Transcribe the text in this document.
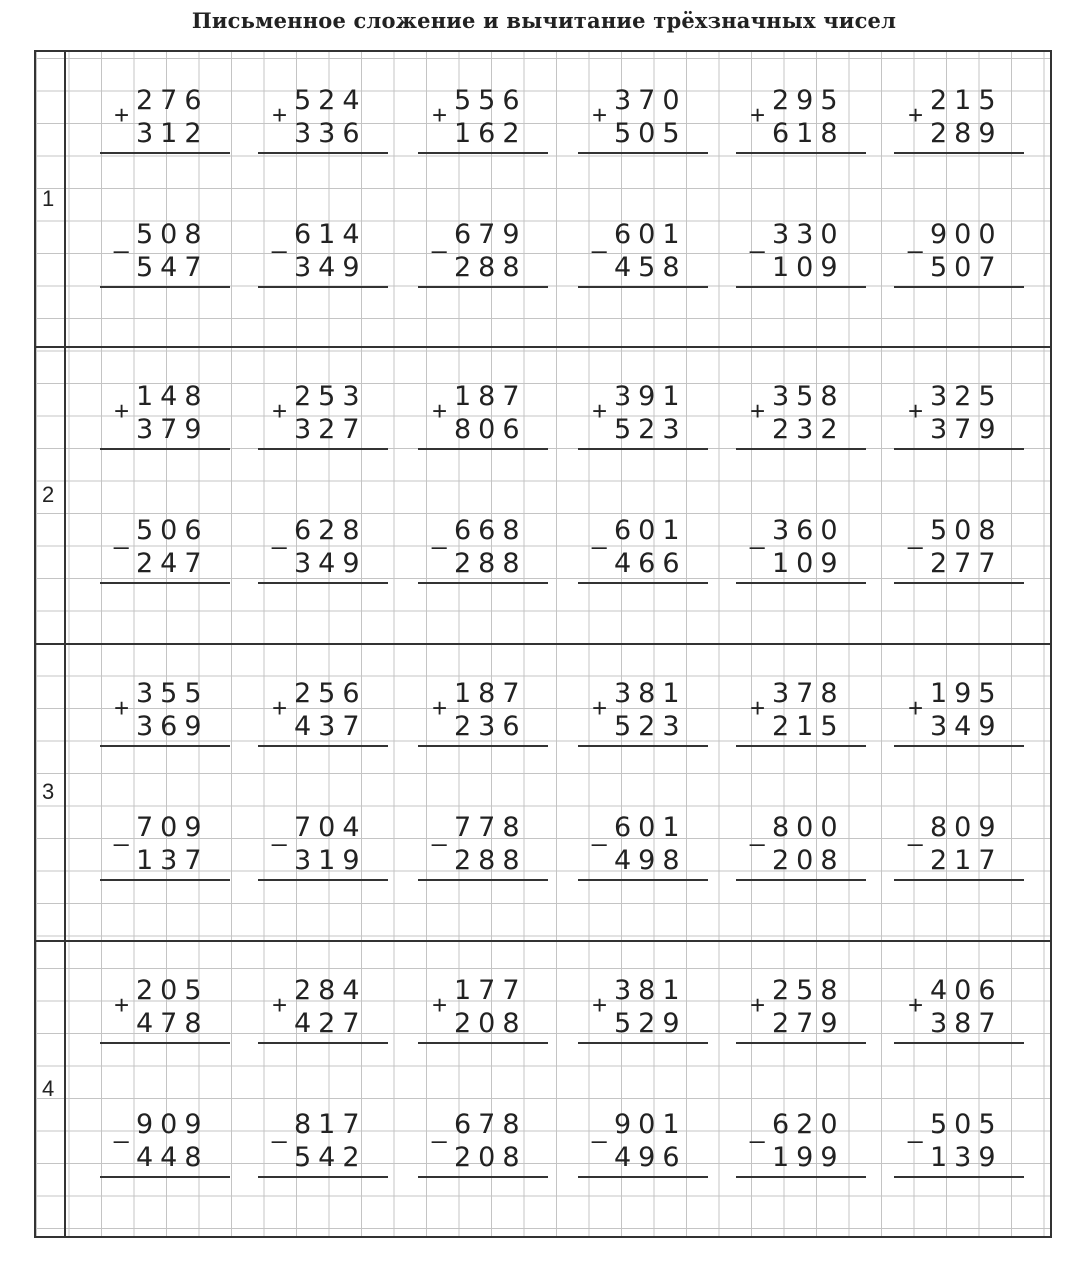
Письменное сложение и вычитание трёхзначных чисел
1
+ 276
312
+ 524
336
+ 556
162
+ 370
505
+ 295
618
+ 215
289
_ 508
547
_ 614
349
_ 679
288
_ 601
458
_ 330
109
_ 900
507
2
+ 148
379
+ 253
327
+ 187
806
+ 391
523
+ 358
232
+ 325
379
_ 506
247
_ 628
349
_ 668
288
_ 601
466
_ 360
109
_ 508
277
3
+ 355
369
+ 256
437
+ 187
236
+ 381
523
+ 378
215
+ 195
349
_ 709
137
_ 704
319
_ 778
288
_ 601
498
_ 800
208
_ 809
217
4
+ 205
478
+ 284
427
+ 177
208
+ 381
529
+ 258
279
+ 406
387
_ 909
448
_ 817
542
_ 678
208
_ 901
496
_ 620
199
_ 505
139
